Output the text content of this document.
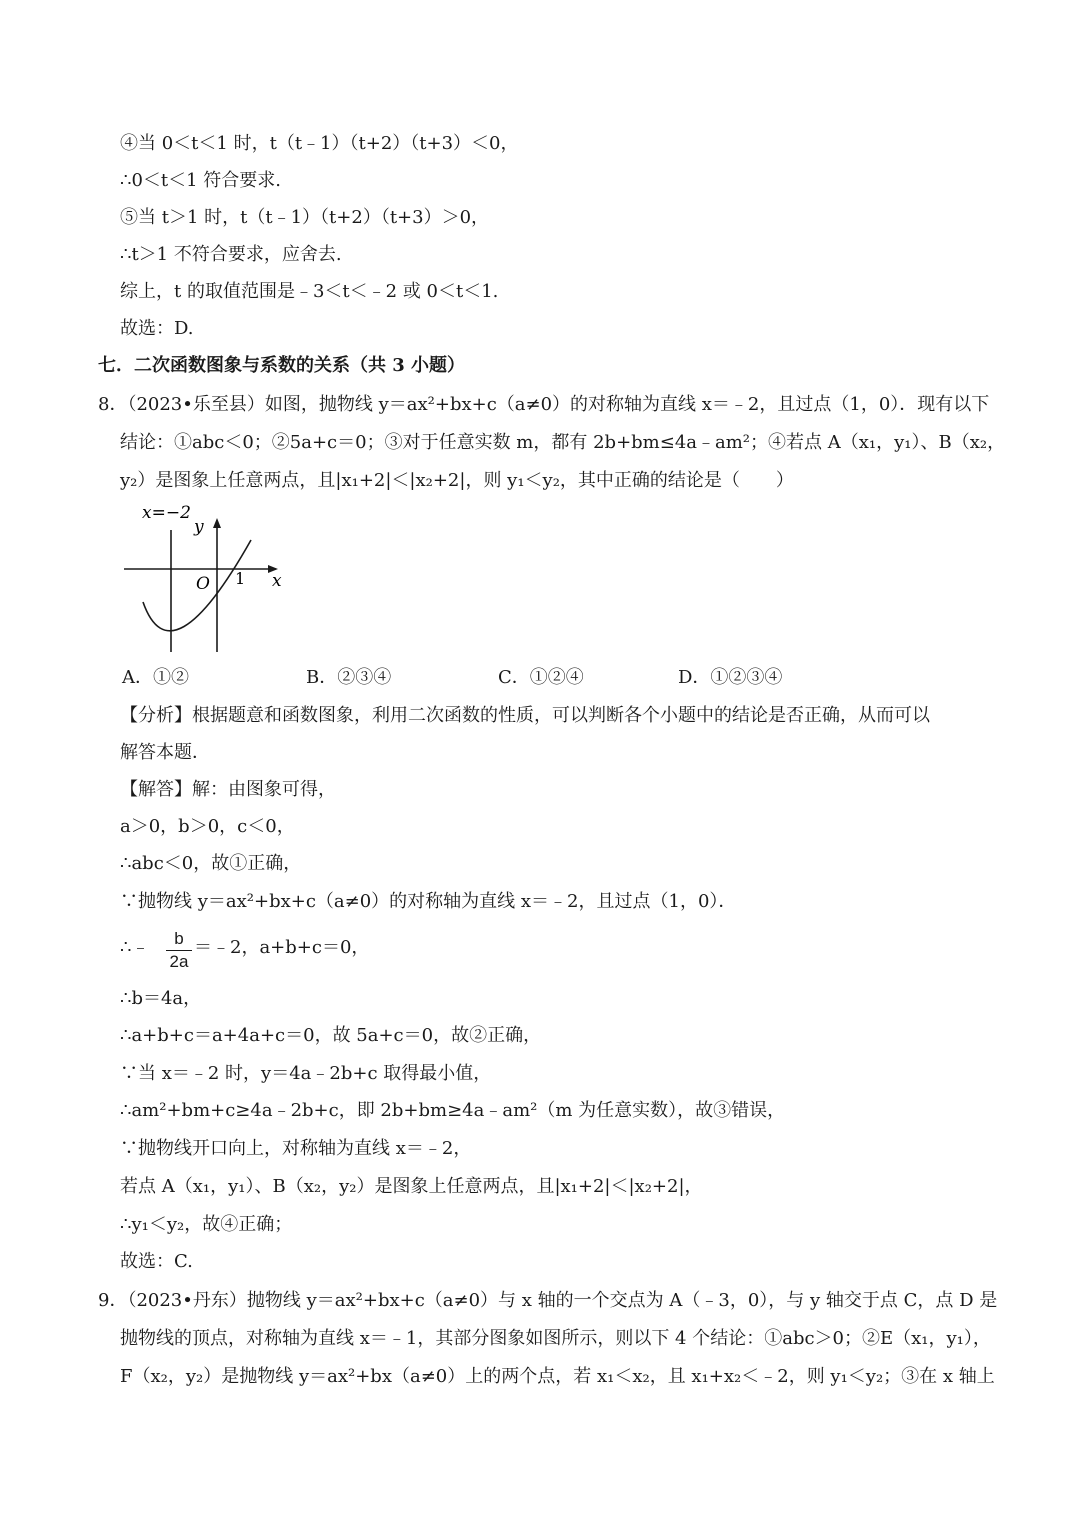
④当 0＜t＜1 时，t（t﹣1）（t+2）（t+3）＜0，
∴0＜t＜1 符合要求.
⑤当 t＞1 时，t（t﹣1）（t+2）（t+3）＞0，
∴t＞1 不符合要求，应舍去.
综上，t 的取值范围是﹣3＜t＜﹣2 或 0＜t＜1.
故选：D.
七．二次函数图象与系数的关系（共 3 小题）
8．（2023•乐至县）如图，抛物线 y＝ax²+bx+c（a≠0）的对称轴为直线 x＝﹣2，且过点（1，0）．现有以下
结论：①abc＜0；②5a+c＝0；③对于任意实数 m，都有 2b+bm≤4a﹣am²；④若点 A（x₁，y₁）、B（x₂，
y₂）是图象上任意两点，且|x₁+2|＜|x₂+2|，则 y₁＜y₂，其中正确的结论是（　　）
x=−2
y
x
O 1
A．①②	B．②③④	C．①②④	D．①②③④
【分析】根据题意和函数图象，利用二次函数的性质，可以判断各个小题中的结论是否正确，从而可以
解答本题．
【解答】解：由图象可得，
a＞0，b＞0，c＜0，
∴abc＜0，故①正确，
∵抛物线 y＝ax²+bx+c（a≠0）的对称轴为直线 x＝﹣2，且过点（1，0）．
∴﹣	b
2a
＝﹣2，a+b+c＝0，
∴b＝4a，
∴a+b+c＝a+4a+c＝0，故 5a+c＝0，故②正确，
∵当 x＝﹣2 时，y＝4a﹣2b+c 取得最小值，
∴am²+bm+c≥4a﹣2b+c，即 2b+bm≥4a﹣am²（m 为任意实数），故③错误，
∵抛物线开口向上，对称轴为直线 x＝﹣2，
若点 A（x₁，y₁）、B（x₂，y₂）是图象上任意两点，且|x₁+2|＜|x₂+2|，
∴y₁＜y₂，故④正确；
故选：C.
9．（2023•丹东）抛物线 y＝ax²+bx+c（a≠0）与 x 轴的一个交点为 A（﹣3，0），与 y 轴交于点 C，点 D 是
抛物线的顶点，对称轴为直线 x＝﹣1，其部分图象如图所示，则以下 4 个结论：①abc＞0；②E（x₁，y₁），
F（x₂，y₂）是抛物线 y＝ax²+bx（a≠0）上的两个点，若 x₁＜x₂，且 x₁+x₂＜﹣2，则 y₁＜y₂；③在 x 轴上
